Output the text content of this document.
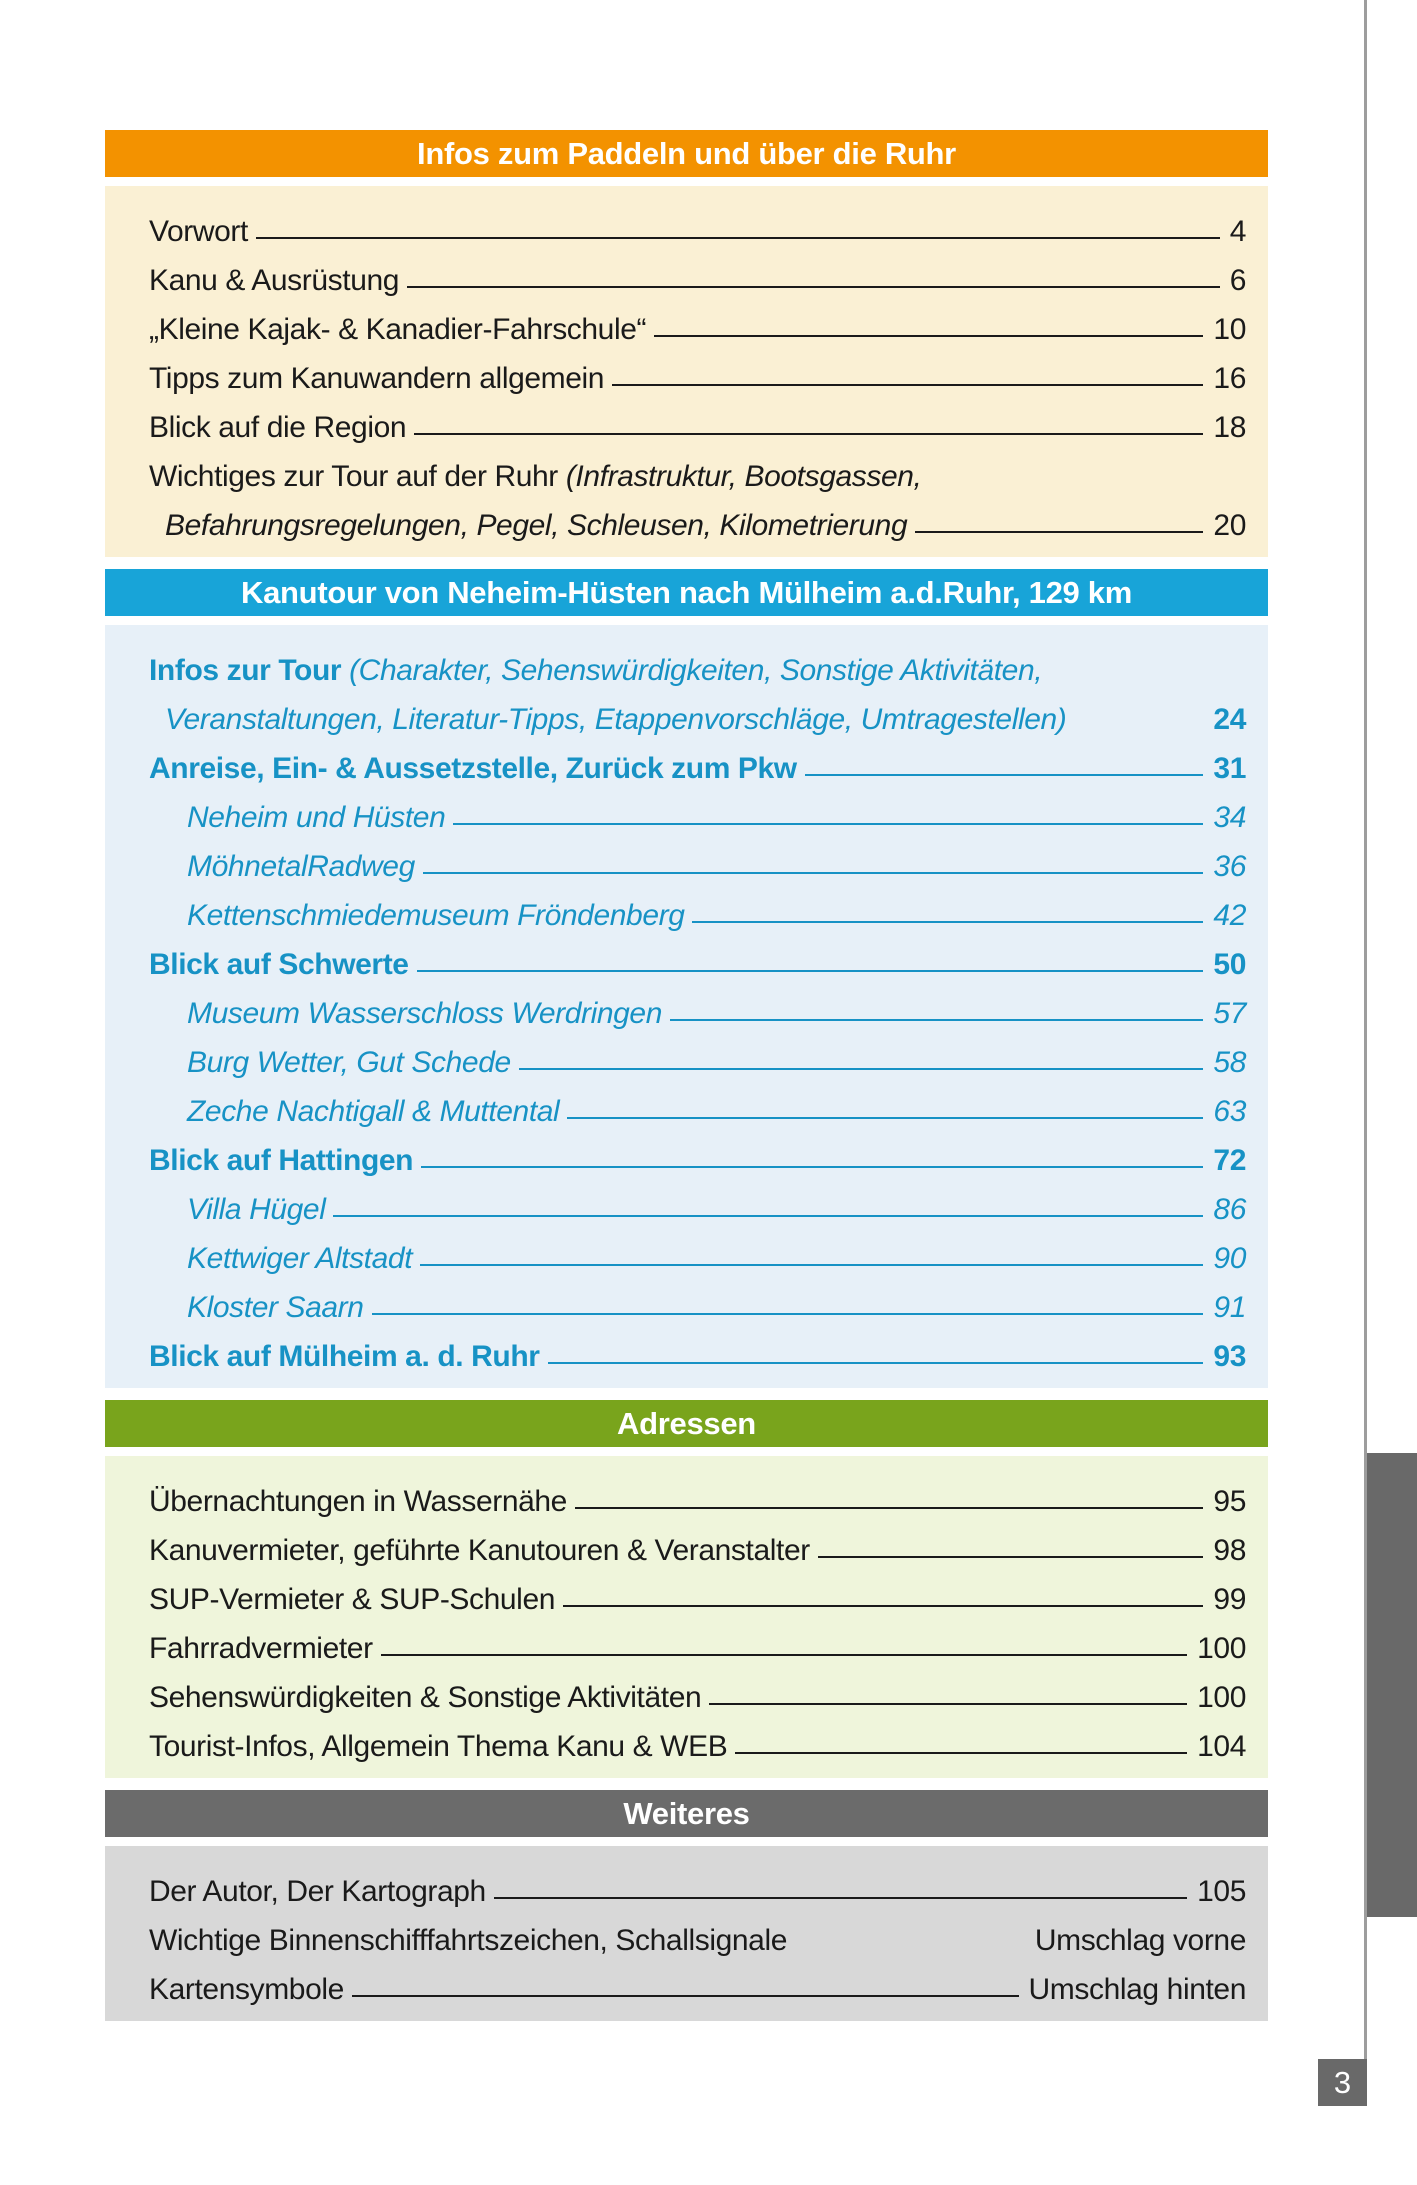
3
Infos zum Paddeln und über die Ruhr
Vorwort	4
Kanu & Ausrüstung	6
„Kleine Kajak- & Kanadier-Fahrschule“	10
Tipps zum Kanuwandern allgemein	16
Blick auf die Region	18
Wichtiges zur Tour auf der Ruhr (Infrastruktur, Bootsgassen,
Befahrungsregelungen, Pegel, Schleusen, Kilometrierung	20
Kanutour von Neheim-Hüsten nach Mülheim a.d.Ruhr, 129 km
Infos zur Tour (Charakter, Sehenswürdigkeiten, Sonstige Aktivitäten,
Veranstaltungen, Literatur-Tipps, Etappenvorschläge, Umtragestellen)	24
Anreise, Ein- & Aussetzstelle, Zurück zum Pkw	31
Neheim und Hüsten	34
MöhnetalRadweg	36
Kettenschmiedemuseum Fröndenberg	42
Blick auf Schwerte	50
Museum Wasserschloss Werdringen	57
Burg Wetter, Gut Schede	58
Zeche Nachtigall & Muttental	63
Blick auf Hattingen	72
Villa Hügel	86
Kettwiger Altstadt	90
Kloster Saarn	91
Blick auf Mülheim a. d. Ruhr	93
Adressen
Übernachtungen in Wassernähe	95
Kanuvermieter, geführte Kanutouren & Veranstalter	98
SUP-Vermieter & SUP-Schulen	99
Fahrradvermieter	100
Sehenswürdigkeiten & Sonstige Aktivitäten	100
Tourist-Infos, Allgemein Thema Kanu & WEB	104
Weiteres
Der Autor, Der Kartograph	105
Wichtige Binnenschifffahrtszeichen, Schallsignale	Umschlag vorne
Kartensymbole	Umschlag hinten
